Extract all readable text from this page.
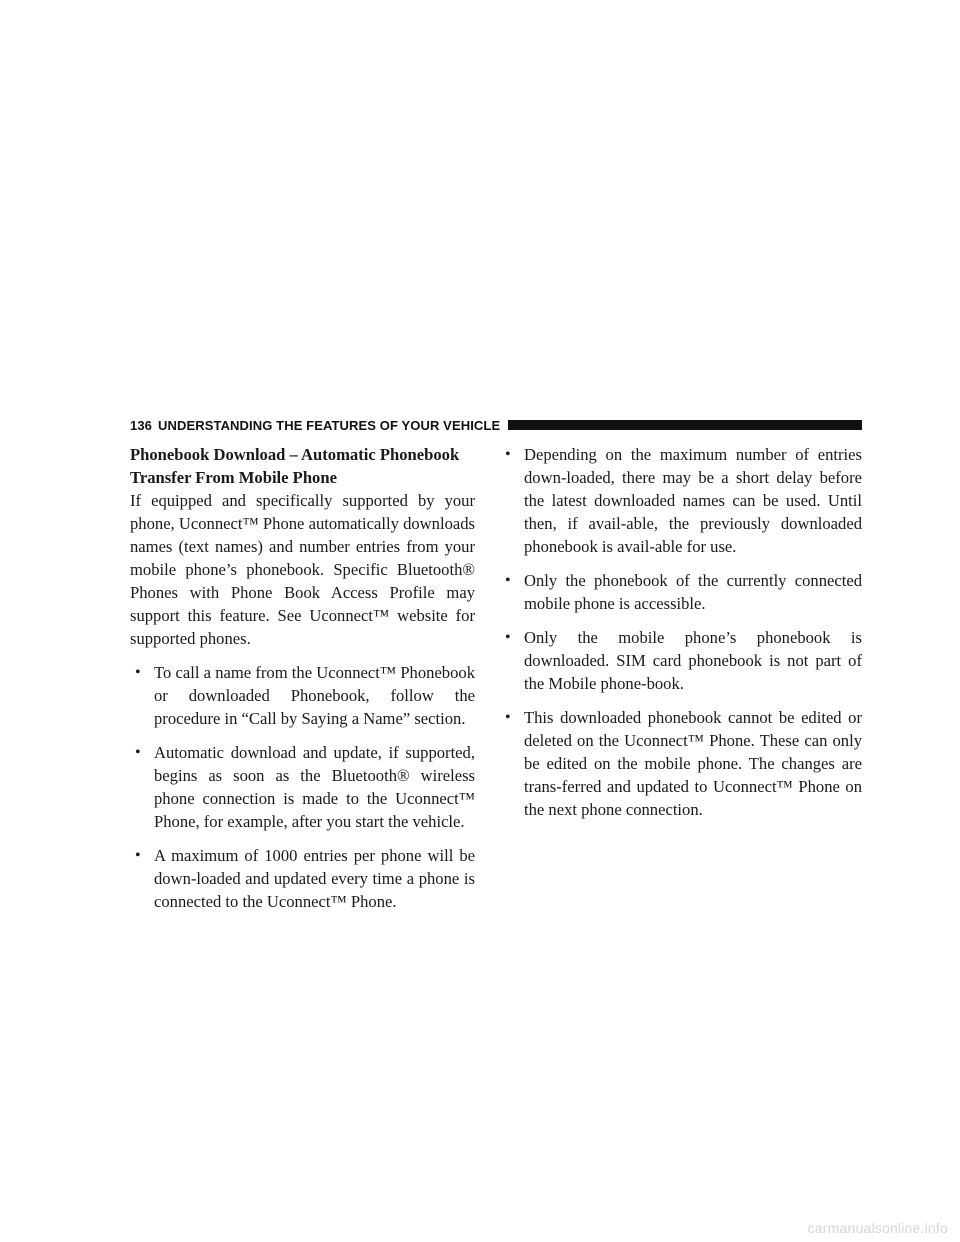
136 UNDERSTANDING THE FEATURES OF YOUR VEHICLE
Phonebook Download – Automatic Phonebook
Transfer From Mobile Phone

If equipped and specifically supported by your phone, Uconnect™ Phone automatically downloads names (text names) and number entries from your mobile phone’s phonebook. Specific Bluetooth® Phones with Phone Book Access Profile may support this feature. See Uconnect™ website for supported phones.

• To call a name from the Uconnect™ Phonebook or downloaded Phonebook, follow the procedure in “Call by Saying a Name” section.
• Automatic download and update, if supported, begins as soon as the Bluetooth® wireless phone connection is made to the Uconnect™ Phone, for example, after you start the vehicle.
• A maximum of 1000 entries per phone will be down-loaded and updated every time a phone is connected to the Uconnect™ Phone.
• Depending on the maximum number of entries down-loaded, there may be a short delay before the latest downloaded names can be used. Until then, if avail-able, the previously downloaded phonebook is avail-able for use.
• Only the phonebook of the currently connected mobile phone is accessible.
• Only the mobile phone’s phonebook is downloaded. SIM card phonebook is not part of the Mobile phone-book.
• This downloaded phonebook cannot be edited or deleted on the Uconnect™ Phone. These can only be edited on the mobile phone. The changes are trans-ferred and updated to Uconnect™ Phone on the next phone connection.
carmanualsonline.info
